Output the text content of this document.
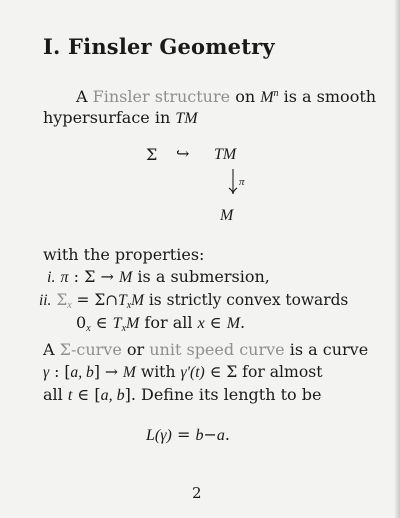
I. Finsler Geometry
A Finsler structure on $M^n$ is a smooth
hypersurface in TM
Σ ↪ TM
π
M
with the properties:
i. π : Σ → M is a submersion,
ii. $\Sigma_x$ = $\Sigma\cap T_xM$ is strictly convex towards
$0_x$ ∈ $T_xM$ for all x ∈ M.
A Σ-curve or unit speed curve is a curve
γ : [a, b] → M with γ′(t) ∈ Σ for almost
all t ∈ [a, b]. Define its length to be
L(γ) = b−a.
2
